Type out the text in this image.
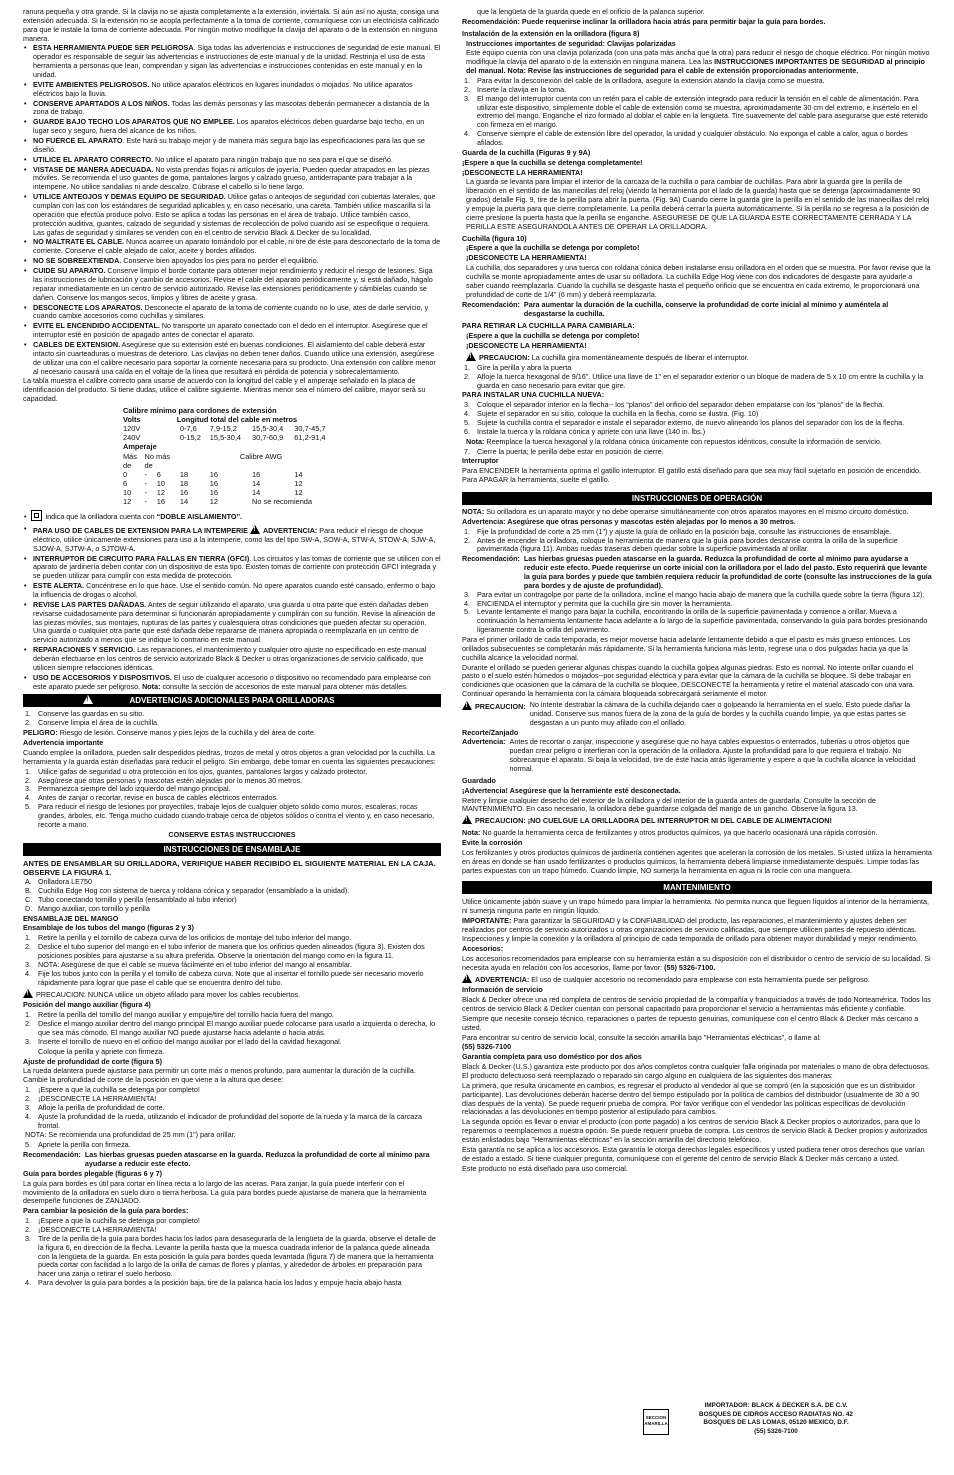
ranura pequeña y otra grande. Si la clavija no se ajusta completamente a la extensión, inviértala. Si aún así no ajusta, consiga una extensión adecuada. Si la extensión no se acopla perfectamente a la toma de corriente, comuníquese con un electricista calificado para que le instale la toma de corriente adecuada. Por ningún motivo modifique la clavija del aparato o de la extensión en ninguna manera.

• ESTA HERRAMIENTA PUEDE SER PELIGROSA. Siga todas las advertencias e instrucciones de seguridad de este manual. El operador es responsable de seguir las advertencias e instrucciones de este manual y de la unidad. Restrinja el uso de esta herramienta a personas que lean, comprendan y sigan las advertencias e instrucciones contenidas en este manual y en la unidad.
• EVITE AMBIENTES PELIGROSOS. No utilice aparatos eléctricos en lugares inundados o mojados. No utilice aparatos eléctricos bajo la lluvia.
• CONSERVE APARTADOS A LOS NIÑOS. Todas las demás personas y las mascotas deberán permanecer a distancia de la zona de trabajo.
• GUARDE BAJO TECHO LOS APARATOS QUE NO EMPLEE. Los aparatos eléctricos deben guardarse bajo techo, en un lugar seco y seguro, fuera del alcance de los niños.
• NO FUERCE EL APARATO. Este hará su trabajo mejor y de manera más segura bajo las especificaciones para las que se diseñó.
• UTILICE EL APARATO CORRECTO. No utilice el aparato para ningún trabajo que no sea para el que se diseñó.
• VISTASE DE MANERA ADECUADA. No vista prendas flojas ni artículos de joyería. Pueden quedar atrapados en las piezas móviles. Se recomienda el uso guantes de goma, pantalones largos y calzado grueso, antiderrapante para trabajar a la intemperie. No utilice sandalias ni ande descalzo. Cúbrase el cabello si lo tiene largo.
• UTILICE ANTEOJOS Y DEMAS EQUIPO DE SEGURIDAD. Utilice gafas o anteojos de seguridad con cubiertas laterales, que cumplan con las con los estándares de seguridad aplicables y, en caso necesario, una careta. También utilice mascarilla si la operación que efectúa produce polvo. Esto se aplica a todas las personas en el área de trabajo. Utilice también casco, protección auditiva, guantes, calzado de seguridad y sistemas de recolección de polvo cuando así se especifique o requiera. Las gafas de seguridad y similares se venden con en el centro de servicio Black & Decker de su localidad.
• NO MALTRATE EL CABLE. Nunca acarree un aparato tomándolo por el cable, ni tire de éste para desconectarlo de la toma de corriente. Conserve el cable alejado de calor, aceite y bordes afilados.
• NO SE SOBREEXTIENDA. Conserve bien apoyados los pies para no perder el equilibrio.
• CUIDE SU APARATO. Conserve limpio el borde cortante para obtener mejor rendimiento y reducir el riesgo de lesiones. Siga las instrucciones de lubricación y cambio de accesorios. Revise el cable del aparato periódicamente y, si está dañado, hágalo reparar inmediatamente en un centro de servicio autorizado. Revise las extensiones periódicamente y cámbielas cuando se dañen. Conserve los mangos secos, limpios y libres de aceite y grasa.
• DESCONECTE LOS APARATOS. Desconecte el aparato de la toma de corriente cuando no lo use, ates de darle servicio, y cuando cambie accesorios como cuchillas y similares.
• EVITE EL ENCENDIDO ACCIDENTAL. No transporte un aparato conectado con el dedo en el interruptor. Asegúrese que el interruptor esté en posición de apagado antes de conectar el aparato.
• CABLES DE EXTENSION. Asegúrese que su extensión esté en buenas condiciones. El aislamiento del cable deberá estar intacto sin cuarteaduras o muestras de deterioro. Las clavijas no deben tener daños. Cuando utilice una extensión, asegúrese de utilizar una con el calibre necesario para soportar la corriente necesaria para su producto. Una extensión con calibre menor al necesario causará una caída en el voltaje de la línea que resultará en pérdida de potencia y sobrecalentamiento.

La tabla muestra el calibre correcto para usarse de acuerdo con la longitud del cable y el amperaje señalado en la placa de identificación del producto. Si tiene dudas, utilice el calibre siguiente. Mientras menor sea el número del calibre, mayor será su capacidad.

Calibre mínimo para cordones de extensión						
Volts		Longitud total del cable en metros				
120V			0-7,6	7,9-15,2	15,5-30,4	30,7-45,7
240V			0-15,2	15,5-30,4	30,7-60,9	61,2-91,4
Amperaje						
Más	No más		Calibre AWG			
de	de					
0	-	6	18	16	16	14
6	-	10	18	16	14	12
10	-	12	16	16	14	12
12	-	16	14	12	No se recomienda	

•	indica que la orilladora cuenta con “DOBLE AISLAMIENTO”.

• PARA USO DE CABLES DE EXTENSION PARA LA INTEMPERIE ! ADVERTENCIA: Para reducir el riesgo de choque eléctrico, utilice únicamente extensiones para uso a la intemperie, como las del tipo SW-A, SOW-A, STW-A, STOW-A, SJW-A, SJOW-A, SJTW-A, o SJTOW-A.
• INTERRUPTOR DE CIRCUITO PARA FALLAS EN TIERRA (GFCI). Los circuitos y las tomas de corriente que se utilicen con el aparato de jardinería deben contar con un dispositivo de esta tipo. Existen tomas de corriente con protección GFCI integrada y se pueden utilizar para cumplir con esta medida de protección.
• ESTE ALERTA. Concéntrese en lo que hace. Use el sentido común. No opere aparatos cuando esté cansado, enfermo o bajo la influencia de drogas o alcohol.
• REVISE LAS PARTES DAÑADAS. Antes de seguir utilizando el aparato, una guarda u otra parte que estén dañadas deben revisarse cuidadosamente para determinar si funcionarán apropiadamente y cumplirán con su función. Revise la alineación de las piezas móviles, sus montajes, rupturas de las partes y cualesquiera otras condiciones que pueden afectar su operación. Una guarda o cualquier otra parte que esté dañada debe repararse de manera apropiada o reemplazarla en un centro de servicio autorizado a menos que se indique lo contrario en este manual.
• REPARACIONES Y SERVICIO. Las reparaciones, el mantenimiento y cualquier otro ajuste no especificado en este manual deberán efectuarse en los centros de servicio autorizado Black & Decker u otras organizaciones de servicio calificado, que utilicen siempre refacciones idénticas.
• USO DE ACCESORIOS Y DISPOSITIVOS. El uso de cualquier accesorio o dispositivo no recomendado para emplearse con este aparato puede ser peligroso. Nota: consulte la sección de accesorios de este manual para obtener más detalles.
!
ADVERTENCIAS ADICIONALES PARA ORILLADORAS
1. Conserve las guardas en su sitio.
2. Conserve limpia el área de la cuchilla.

PELIGRO: Riesgo de lesión. Conserve manos y pies lejos de la cuchilla y del área de corte.

Advertencia importante

Cuando emplee la orilladora, pueden salir despedidos piedras, trozos de metal y otros objetos a gran velocidad por la cuchilla. La herramienta y la guarda están diseñadas para reducir el peligro. Sin embargo, debe tomar en cuenta las siguientes precauciones:

1. Utilice gafas de seguridad u otra protección en los ojos, guantes, pantalones largos y calzado protector.
2. Asegúrese que otras personas y mascotas estén alejadas por lo menos 30 metros.
3. Permanezca siempre del lado izquierdo del mango principal.
4. Antes de zanjar o recortar, revise en busca de cables eléctricos enterrados.
5. Para reducir el riesgo de lesiones por proyectiles, trabaje lejos de cualquier objeto sólido como muros, escaleras, rocas grandes, árboles, etc. Tenga mucho cuidado cuando trabaje cerca de objetos sólidos o contra el viento y, en caso necesario, recorte a mano.

CONSERVE ESTAS INSTRUCCIONES

INSTRUCCIONES DE ENSAMBLAJE

ANTES DE ENSAMBLAR SU ORILLADORA, VERIFIQUE HABER RECIBIDO EL SIGUIENTE MATERIAL EN LA CAJA. OBSERVE LA FIGURA 1.

A. Orilladora LE750
B. Cuchilla Edge Hog con sistema de tuerca y roldana cónica y separador (ensamblado a la unidad).
C. Tubo conectando tornillo y perilla (ensamblado al tubo inferior)
D. Mango auxiliar, con tornillo y perilla

ENSAMBLAJE DEL MANGO

Ensamblaje de los tubos del mango (figuras 2 y 3)

1. Retire la perilla y el tornillo de cabeza curva de los orificios de montaje del tubo inferior del mango.
2. Deslice el tubo superior del mango en el tubo inferior de manera que los orificios queden alineados (figura 3). Existen dos posiciones posibles para ajustarse a su altura preferida. Observe la orientación del mango como en la figura 11.
3. NOTA: Asegúrese de que el cable se mueva fácilmente en el tubo inferior del mango al ensamblar.
4. Fije los tubos junto con la perilla y el tornillo de cabeza curva. Note que al insertar el tornillo puede ser necesario moverlo rápidamente para lograr que pase el cable que se encuentra dentro del tubo.

!PRECAUCION: NUNCA utilice un objeto afilado para mover los cables recubiertos.

Posición del mango auxiliar (figura 4)

1. Retire la perilla del tornillo del mango auxiliar y empuje/tire del tornillo hacia fuera del mango.
2. Deslice el mango auxiliar dentro del mango principal El mango auxiliar puede colocarse para usarlo a izquierda o derecha, lo que sea más cómodo. El mango auxiliar NO puede ajustarse hacia adelante o hacia atrás.
3. Inserte el tornillo de nuevo en el orificio del mango auxiliar por el lado del la cavidad hexagonal.

Coloque la perilla y apriete con firmeza.

Ajuste de profundidad de corte (figura 5)

La rueda delantera puede ajustarse para permitir un corte más o menos profundo, para aumentar la duración de la cuchilla. Cambie la profundidad de corte de la posición en que viene a la altura que desee:

1. ¡Espere a que la cuchilla se detenga por completo!
2. ¡DESCONECTE LA HERRAMIENTA!
3. Afloje la perilla de profundidad de corte.
4. Ajuste la profundidad de la rueda, utilizando el indicador de profundidad del soporte de la rueda y la marca de la carcaza frontal.

NOTA: Se recomienda una profundidad de 25 mm (1") para orillar.

5. Apriete la perilla con firmeza.
Recomendación: Las hierbas gruesas pueden atascarse en la guarda. Reduzca la profundidad de corte al mínimo para ayudarse a reducir este efecto.

Guía para bordes plegable (figuras 6 y 7)

La guía para bordes es útil para cortar en línea recta a lo largo de las aceras. Para zanjar, la guía puede interferir con el movimiento de la orilladora en suelo duro o tierra herbosa. La guía para bordes puede ajustarse de manera que la herramienta desempeñe funciones de ZANJADO.

Para cambiar la posición de la guía para bordes:

1. ¡Espere a que la cuchilla se detenga por completo!
2. ¡DESCONECTE LA HERRAMIENTA!
3. Tire de la perilla de la guía para bordes hacia los lados para desasegurarla de la lengüeta de la guarda, observe el detalle de la figura 6, en dirección de la flecha. Levante la perilla hasta que la muesca cuadrada inferior de la palanca quede alineada con la lengüeta de la guarda. En esta posición la guía para bordes queda levantada (figura 7) de manera que la herramienta pueda cortar con facilidad a lo largo de la orilla de camas de flores y plantas, y alrededor de árboles en preparación para hacer una zanja o retirar el suelo herboso.
4. Para devolver la guía para bordes a la posición baja, tire de la palanca hacia los lados y empuje hacia abajo hasta

que la lengüeta de la guarda quede en el orificio de la palanca superior.

Recomendación: Puede requerirse inclinar la orilladora hacia atrás para permitir bajar la guía para bordes.

Instalación de la extensión en la orilladora (figura 8)

Instrucciones importantes de seguridad: Clavijas polarizadas

Este equipo cuenta con una clavija polarizada (con una pata más ancha que la otra) para reducir el riesgo de choque eléctrico. Por ningún motivo modifique la clavija del aparato o de la extensión en ninguna manera. Lea las INSTRUCCIONES IMPORTANTES DE SEGURIDAD al principio del manual. Nota: Revise las instrucciones de seguridad para el cable de extensión proporcionadas anteriormente.

1. Para evitar la desconexión del cable de la orilladora, asegure la extensión atando la clavija como se muestra.
2. Inserte la clavija en la toma.
3. El mango del interruptor cuenta con un retén para el cable de extensión integrado para reducir la tensión en el cable de alimentación. Para utilizar este dispositivo, simplemente doble el cable de extensión como se muestra, aproximadamente 30 cm del extremo, e insértelo en el extremo del mango. Enganche el rizo formado al doblar el cable en la lengüeta. Tire suavemente del cable para asegurarse que esté retenido con firmeza en el mango.
4. Conserve siempre el cable de extensión libre del operador, la unidad y cualquier obstáculo. No exponga el cable a calor, agua o bordes afilados.

Guarda de la cuchilla (Figuras 9 y 9A)

¡Espere a que la cuchilla se detenga completamente!

¡DESCONECTE LA HERRAMIENTA!

La guarda se levanta para limpiar el interior de la carcaza de la cuchilla o para cambiar de cuchillas. Para abrir la guarda gire la perilla de liberación en el sentido de las manecillas del reloj (viendo la herramienta por el lado de la guarda) hasta que se detenga (aproximadamente 90 grados) detalle Fig. 9, tire de la perilla para abrir la puerta. (Fig. 9A) Cuando cierre la guarda gire la perilla en el sentido de las manecillas del reloj y empuje la puerta para que cierre completamente. La perilla deberá cerrar la puerta automáticamente. Si la perilla no se regresa a la posición de cierre presione la puerta hasta que la perilla se enganche. ASEGURESE DE QUE LA GUARDA ESTE CORRECTAMENTE CERRADA Y LA PERILLA ESTE ASEGURANDOLA ANTES DE OPERAR LA ORILLADORA.

Cuchilla (figura 10)

¡Espere a que la cuchilla se detenga por completo!

¡DESCONECTE LA HERRAMIENTA!

La cuchilla, dos separadores y una tuerca con roldana cónica deben instalarse ensu orilladora en el orden que se muestra. Por favor revise que la cuchilla se monte apropiadamente antes de usar su orilladora. La cuchilla Edge Hog viene con dos indicadores de desgaste para ayudarle a saber cuando reemplazarla. Cuando la cuchilla se desgaste hasta el pequeño orificio que se encuentra en cada extremo, le proporcionará una profundidad de corte de 1/4" (6 mm) y deberá reemplazarla.

Recomendación: Para aumentar la duración de la cuchilla, conserve la profundidad de corte inicial al mínimo y auméntela al desgastarse la cuchilla.

PARA RETIRAR LA CUCHILLA PARA CAMBIARLA:

¡Espere a que la cuchilla se detenga por completo!

¡DESCONECTE LA HERRAMIENTA!

!PRECAUCION: La cuchilla gira momentáneamente después de liberar el interruptor.

1. Gire la perilla y abra la puerta
2. Afloje la tuerca hexagonal de 9/16". Utilice una llave de 1" en el separador exterior o un bloque de madera de 5 x 10 cm entre la cuchilla y la guarda en caso necesario para evitar que gire.

PARA INSTALAR UNA CUCHILLA NUEVA:

3. Coloque el separador interior en la flecha-- los “planos” del orificio del separador deben empatarse con los “planos” de la flecha.
4. Sujete el separador en su sitio, coloque la cuchilla en la flecha, como se ilustra. (Fig. 10)
5. Sujete la cuchilla contra el separador e instale el separador externo, de nuevo alineando los planos del separador con los de la flecha.
6. Instale la tuerca y la roldana cónica y apriete con una llave (140 in. lbs.)

Nota: Reemplace la tuerca hexagonal y la roldana cónica únicamente con repuestos idénticos, consulte la información de servicio.

7. Cierre la puerta; le perilla debe estar en posición de cierre.

Interruptor

Para ENCENDER la herramienta oprima el gatillo interruptor. El gatillo está diseñado para que sea muy fácil sujetarlo en posición de encendido. Para APAGAR la herramienta, suelte el gatillo.

INSTRUCCIONES DE OPERACIÓN

NOTA: Su orilladora es un aparato mayor y no debe operarse simultáneamente con otros aparatos mayores en el mismo circuito doméstico.

Advertencia: Asegúrese que otras personas y mascotas estén alejadas por lo menos a 30 metros.

1. Fije la profundidad de corte a 25 mm (1") y ajuste la guía de orillado en la posición baja, consulte las instrucciones de ensamblaje.
2. Antes de encender la orilladora, coloque la herramienta de manera que la guía para bordes descanse contra la orilla de la superficie pavimentada (figura 11). Ambas ruedas traseras deben quedar sobre la superficie pavimentada al orillar.
Recomendación: Las hierbas gruesas pueden atascarse en la guarda. Reduzca la profundidad de corte al mínimo para ayudarse a reducir este efecto. Puede requerirse un corte inicial con la orilladora por el lado del pasto. Esto requerirá que levante la guía para bordes y puede que también requiera reducir la profundidad de corte (consulte las instrucciones de la guía para bordes y de ajuste de profundidad).
3. Para evitar un contragolpe por parte de la orilladora, incline el mango hacia abajo de manera que la cuchilla quede sobre la tierra (figura 12).
4. ENCIENDA el interruptor y permita que la cuchilla gire sin mover la herramienta.
5. Levante lentamente el mango para bajar la cuchilla, encontrando la orilla de la superficie pavimentada y comience a orillar. Mueva a continuación la herramienta lentamente hacia adelante a lo largo de la superficie pavimentada, conservando la guía para bordes presionando ligeramente contra la orilla del pavimento.

Para el primer orillado de cada temporada, es mejor moverse hacia adelante lentamente debido a que el pasto es más grueso entonces. Los orillados subsecuentes se completarán más rápidamente. Si la herramienta funciona más lento, regrese una o dos pulgadas hacia ya que la cuchilla alcance la velocidad normal.

Durante el orillado se pueden generar algunas chispas cuando la cuchilla golpea algunas piedras. Esto es normal. No intente orillar cuando el pasto o el suelo estén húmedos o mojados--por seguridad eléctrica y para evitar que la cámara de la cuchilla se bloquee. Si debe trabajar en condiciones que ocasionen que la cámara de la cuchilla se bloquee, DESCONECTE la herramienta y retire el material atascado con una vara. Continuar operando la herramienta con la cámara bloqueada sobrecargará seriamente el motor.

!PRECAUCION: No intente destrabar la cámara de la cuchilla dejando caer o golpeando la herramienta en el suelo. Esto puede dañar la unidad. Conserve sus manos fuera de la zona de la guía de bordes y la cuchilla cuando limpie, ya que estas partes se desgastan a un punto muy afilado con el orillado.

Recorte/Zanjado

Advertencia: Antes de recortar o zanjar, inspeccione y asegúrese que no haya cables expuestos o enterrados, tuberías u otros objetos que puedan crear peligro o interfieran con la operación de la orilladora. Ajuste la profundidad para lo que requiera el trabajo. No sobrecarque el aparato. Si baja la velocidad, tire de éste hacia atrás ligeramente y espere a que la cuchilla alcance la velocidad normal.

Guardado

¡Advertencia! Asegúrese que la herramiente esté desconectada.

Retire y limpie cualquier desecho del exterior de la orilladora y del interior de la guarda antes de guardarla. Consulte la sección de MANTENIMIENTO. En caso necesario, la orilladora debe guardarse colgada del mango de un gancho. Observe la figura 13.

!PRECAUCION: ¡NO CUELGUE LA ORILLADORA DEL INTERRUPTOR NI DEL CABLE DE ALIMENTACION!

Nota: No guarde la herramienta cerca de fertilizantes y otros productos químicos, ya que hacerlo ocasionará una rápida corrosión.

Evite la corrosión

Los fertilizantes y otros productos químicos de jardinería contienen agentes que aceleran la corrosión de los metales. Si usted utiliza la herramienta en áreas en donde se han usado fertilizantes o productos químicos, la herramienta deberá limpiarse inmediatamente después. Limpie todas las partes expuestas con un trapo húmedo. Cuando limpie, NO sumerja la herramienta en agua ni la rocíe con una manguera.

MANTENIMIENTO

Utilice únicamente jabón suave y un trapo húmedo para limpiar la herramienta. No permita nunca que lleguen líquidos al interior de la herramienta, ni sumerja ninguna parte en ningún líquido.

IMPORTANTE: Para garantizar la SEGURIDAD y la CONFIABILIDAD del producto, las reparaciones, el mantenimiento y ajustes deben ser realizados por centros de servicio autorizados u otras organizaciones de servicio calificadas, que siempre utilicen partes de repuesto idénticas. Inspecciones y limpie la conexión y la orilladora al principio de cada temporada de orillado para obtener mayor durabilidad y mejor rendimiento.

Accesorios:

Los accesorios recomendados para emplearse con su herramienta están a su disposición con el distribuidor o centro de servicio de su localidad. Si necesita ayuda en relación con los accesorios, llame por favor: (55) 5326-7100.

!ADVERTENCIA: El uso de cualquier accesorio no recomendado para emplearse con esta herramienta puede ser peligroso.

Información de servicio

Black & Decker ofrece una red completa de centros de servicio propiedad de la compañía y franquiciados a través de todo Norteamérica. Todos los centros de servicio Black & Decker cuentan con personal capacitado para proporcionar el servicio a herramientas más eficiente y confiable.

Siempre que necesite consejo técnico, reparaciones o partes de repuesto genuinas, comuníquese con el centro Black & Decker más cercano a usted.

Para encontrar su centro de servicio local, consulte la sección amarilla bajo "Herramientas eléctricas", o llame al:

(55) 5326-7100

Garantía completa para uso doméstico por dos años

Black & Decker (U.S.) garantiza este producto por dos años completos contra cualquier falla originada por materiales o mano de obra defectuosos. El producto defectuoso será reemplazado o reparado sin cargo alguno en cualquiera de las siguientes dos maneras:

La primera, que resulta únicamente en cambios, es regresar el producto al vendedor al que se compró (en la suposición que es un distribuidor participante). Las devoluciones deberán hacerse dentro del tiempo estipulado por la política de cambios del distribuidor (usualmente de 30 a 90 días después de la venta). Se puede requerir prueba de compra. Por favor verifique con el vendedor las políticas específicas de devolución relacionadas a las devoluciones en tiempo posterior al estipulado para cambios.

La segunda opción es llevar o enviar el producto (con porte pagado) a los centros de servicio Black & Decker propios o autorizados, para que lo reparemos o reemplacemos a nuestra opción. Se puede requerir prueba de compra. Los centros de servicio Black & Decker propios y autorizados están enlistados bajo "Herramientas eléctricas" en la sección amarilla del directorio telefónico.

Esta garantía no se aplica a los accesorios. Esta garantía le otorga derechos legales específicos y usted pudiera tener otros derechos que varían de estado a estado. Si tiene cualquier pregunta, comuníquese con el gerente del centro de servicio Black & Decker más cercano a usted.

Este producto no está diseñado para uso comercial.

SECCION AMARILLA
IMPORTADOR: BLACK & DECKER S.A. DE C.V.
BOSQUES DE CIDROS ACCESO RADIATAS NO. 42
BOSQUES DE LAS LOMAS, 05120 MEXICO, D.F.
(55) 5326-7100
